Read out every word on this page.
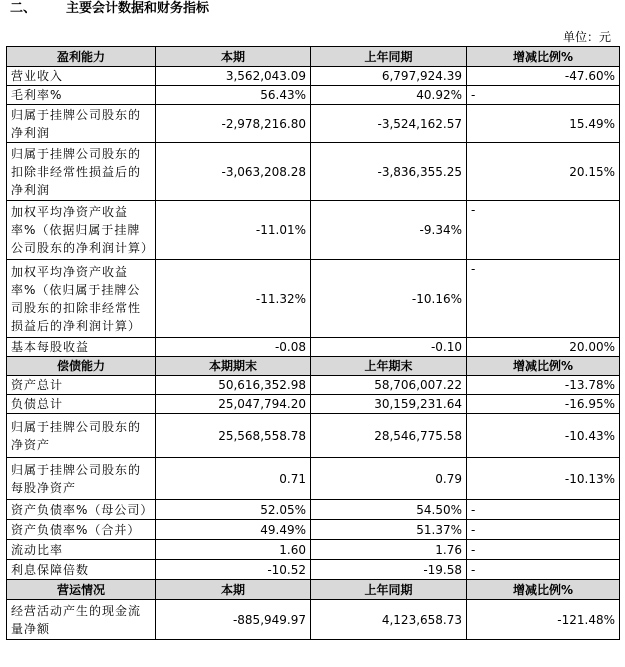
二、 主要会计数据和财务指标
单位：元
盈利能力	本期	上年同期	增减比例%
营业收入	3,562,043.09	6,797,924.39	-47.60%
毛利率%	56.43%	40.92%	-
归属于挂牌公司股东的净利润	-2,978,216.80	-3,524,162.57	15.49%
归属于挂牌公司股东的扣除非经常性损益后的净利润	-3,063,208.28	-3,836,355.25	20.15%
加权平均净资产收益率%（依据归属于挂牌公司股东的净利润计算）	-11.01%	-9.34%	-
加权平均净资产收益率%（依归属于挂牌公司股东的扣除非经常性损益后的净利润计算）	-11.32%	-10.16%	-
基本每股收益	-0.08	-0.10	20.00%
偿债能力	本期期末	上年期末	增减比例%
资产总计	50,616,352.98	58,706,007.22	-13.78%
负债总计	25,047,794.20	30,159,231.64	-16.95%
归属于挂牌公司股东的净资产	25,568,558.78	28,546,775.58	-10.43%
归属于挂牌公司股东的每股净资产	0.71	0.79	-10.13%
资产负债率%（母公司）	52.05%	54.50%	-
资产负债率%（合并）	49.49%	51.37%	-
流动比率	1.60	1.76	-
利息保障倍数	-10.52	-19.58	-
营运情况	本期	上年同期	增减比例%
经营活动产生的现金流量净额	-885,949.97	4,123,658.73	-121.48%
